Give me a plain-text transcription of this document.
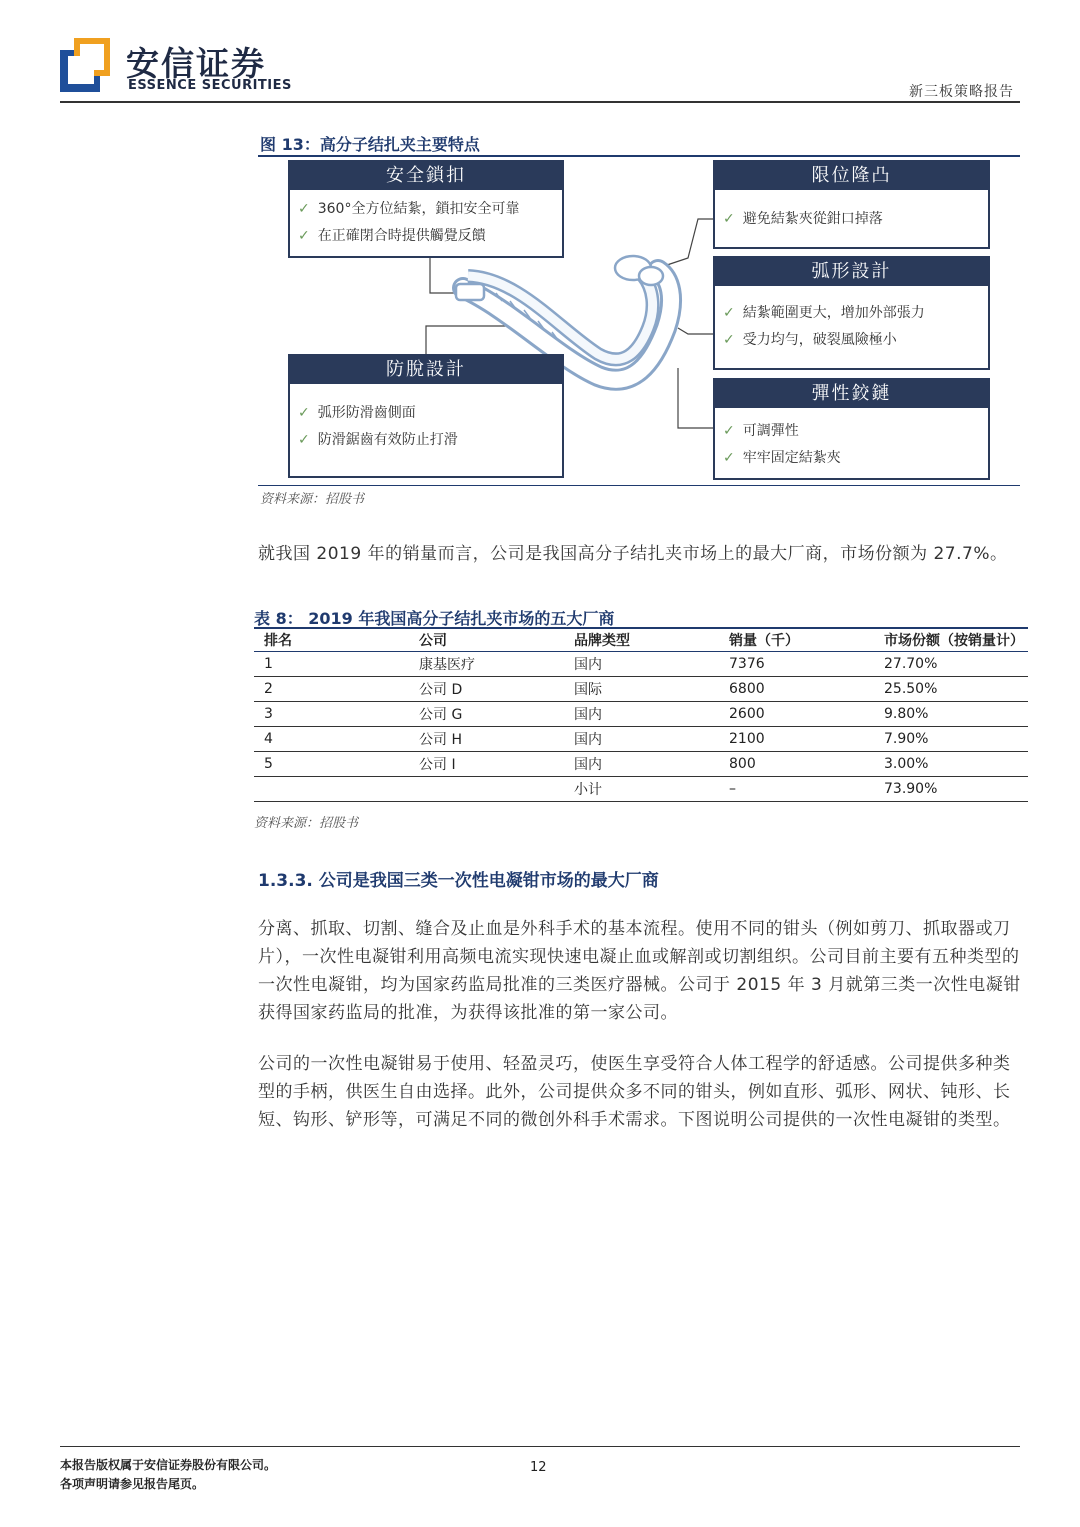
安信证券
ESSENCE SECURITIES	新三板策略报告
图 13：高分子结扎夹主要特点
安全鎖扣
✓ 360°全方位結紮，鎖扣安全可靠
✓ 在正確閉合時提供觸覺反饋
防脫設計
✓ 弧形防滑齒側面
✓ 防滑鋸齒有效防止打滑
限位隆凸
✓ 避免結紮夾從鉗口掉落
弧形設計
✓ 結紮範圍更大，增加外部張力
✓ 受力均勻，破裂風險極小
彈性鉸鏈
✓ 可調彈性
✓ 牢牢固定結紮夾
资料来源：招股书
就我国 2019 年的销量而言，公司是我国高分子结扎夹市场上的最大厂商，市场份额为 27.7%。
表 8： 2019 年我国高分子结扎夹市场的五大厂商
排名	公司	品牌类型	销量（千）	市场份额（按销量计）
1	康基医疗	国内	7376	27.70%
2	公司 D	国际	6800	25.50%
3	公司 G	国内	2600	9.80%
4	公司 H	国内	2100	7.90%
5	公司 I	国内	800	3.00%
		小计	–	73.90%
资料来源：招股书
1.3.3. 公司是我国三类一次性电凝钳市场的最大厂商
分离、抓取、切割、缝合及止血是外科手术的基本流程。使用不同的钳头（例如剪刀、抓取器或刀片），一次性电凝钳利用高频电流实现快速电凝止血或解剖或切割组织。公司目前主要有五种类型的一次性电凝钳，均为国家药监局批准的三类医疗器械。公司于 2015 年 3 月就第三类一次性电凝钳获得国家药监局的批准，为获得该批准的第一家公司。
公司的一次性电凝钳易于使用、轻盈灵巧，使医生享受符合人体工程学的舒适感。公司提供多种类型的手柄，供医生自由选择。此外，公司提供众多不同的钳头，例如直形、弧形、网状、钝形、长短、钩形、铲形等，可满足不同的微创外科手术需求。下图说明公司提供的一次性电凝钳的类型。
本报告版权属于安信证券股份有限公司。
各项声明请参见报告尾页。
12
